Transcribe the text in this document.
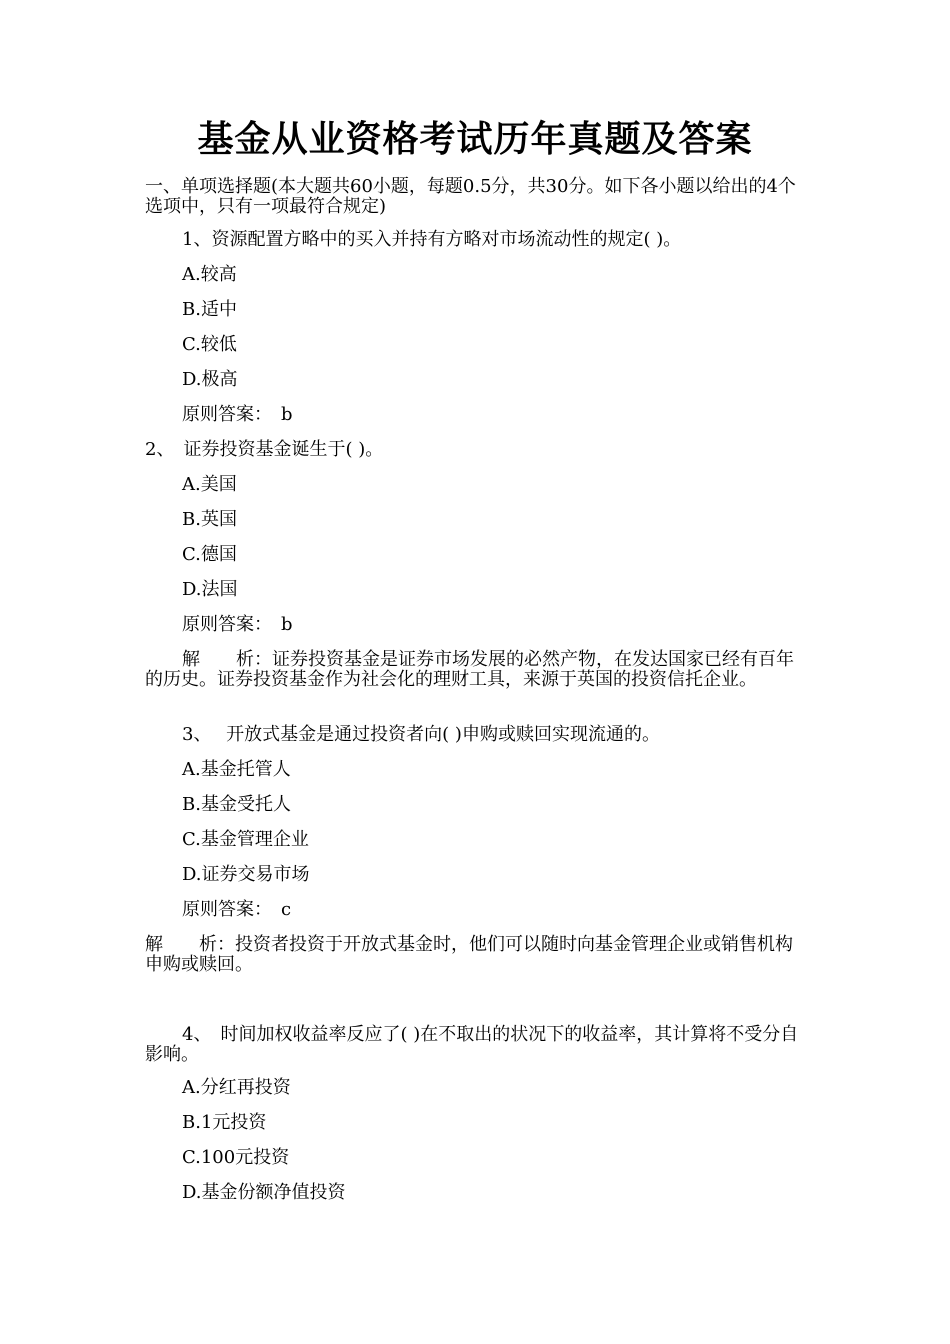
基金从业资格考试历年真题及答案
一、单项选择题(本大题共60小题，每题0.5分，共30分。如下各小题以给出的4个选项中，只有一项最符合规定)
1、资源配置方略中的买入并持有方略对市场流动性的规定( )。
A.较高
B.适中
C.较低
D.极高
原则答案：　b
2、　证券投资基金诞生于( )。
A.美国
B.英国
C.德国
D.法国
原则答案：　b
解　　析：证券投资基金是证券市场发展的必然产物，在发达国家已经有百年的历史。证券投资基金作为社会化的理财工具，来源于英国的投资信托企业。
3、　 开放式基金是通过投资者向( )申购或赎回实现流通的。
A.基金托管人
B.基金受托人
C.基金管理企业
D.证券交易市场
原则答案：　c
解　　析：投资者投资于开放式基金时，他们可以随时向基金管理企业或销售机构申购或赎回。
4、　时间加权收益率反应了( )在不取出的状况下的收益率，其计算将不受分自影响。
A.分红再投资
B.1元投资
C.100元投资
D.基金份额净值投资
